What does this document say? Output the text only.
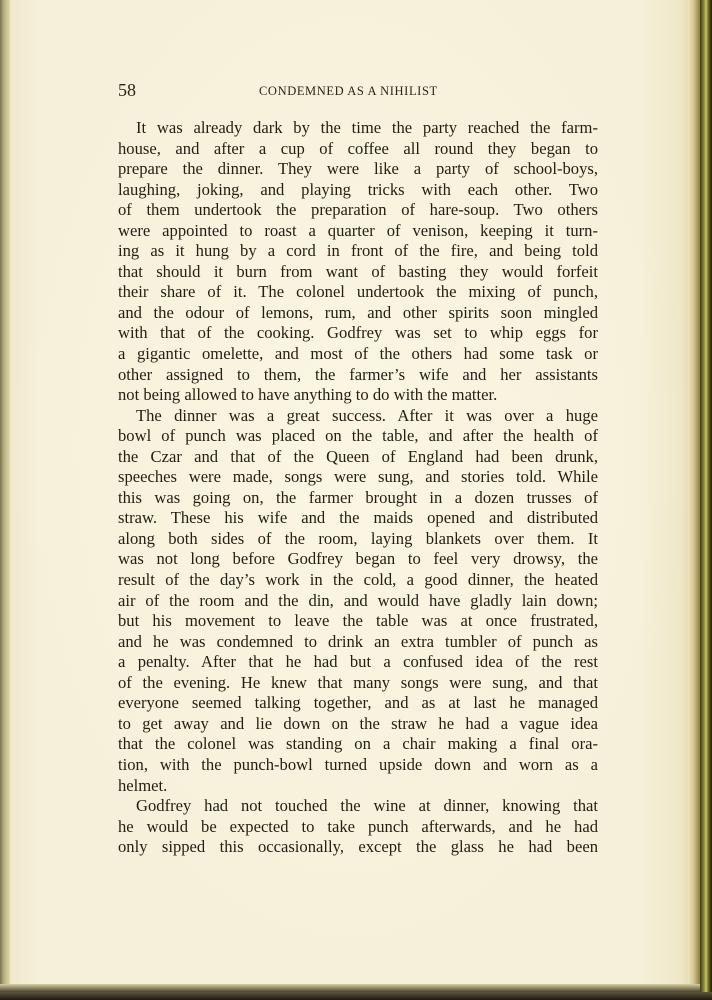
58	CONDEMNED AS A NIHILIST
It was already dark by the time the party reached the farm-
house, and after a cup of coffee all round they began to
prepare the dinner. They were like a party of school-boys,
laughing, joking, and playing tricks with each other. Two
of them undertook the preparation of hare-soup. Two others
were appointed to roast a quarter of venison, keeping it turn-
ing as it hung by a cord in front of the fire, and being told
that should it burn from want of basting they would forfeit
their share of it. The colonel undertook the mixing of punch,
and the odour of lemons, rum, and other spirits soon mingled
with that of the cooking. Godfrey was set to whip eggs for
a gigantic omelette, and most of the others had some task or
other assigned to them, the farmer’s wife and her assistants
not being allowed to have anything to do with the matter.
The dinner was a great success. After it was over a huge
bowl of punch was placed on the table, and after the health of
the Czar and that of the Queen of England had been drunk,
speeches were made, songs were sung, and stories told. While
this was going on, the farmer brought in a dozen trusses of
straw. These his wife and the maids opened and distributed
along both sides of the room, laying blankets over them. It
was not long before Godfrey began to feel very drowsy, the
result of the day’s work in the cold, a good dinner, the heated
air of the room and the din, and would have gladly lain down;
but his movement to leave the table was at once frustrated,
and he was condemned to drink an extra tumbler of punch as
a penalty. After that he had but a confused idea of the rest
of the evening. He knew that many songs were sung, and that
everyone seemed talking together, and as at last he managed
to get away and lie down on the straw he had a vague idea
that the colonel was standing on a chair making a final ora-
tion, with the punch-bowl turned upside down and worn as a
helmet.
Godfrey had not touched the wine at dinner, knowing that
he would be expected to take punch afterwards, and he had
only sipped this occasionally, except the glass he had been
